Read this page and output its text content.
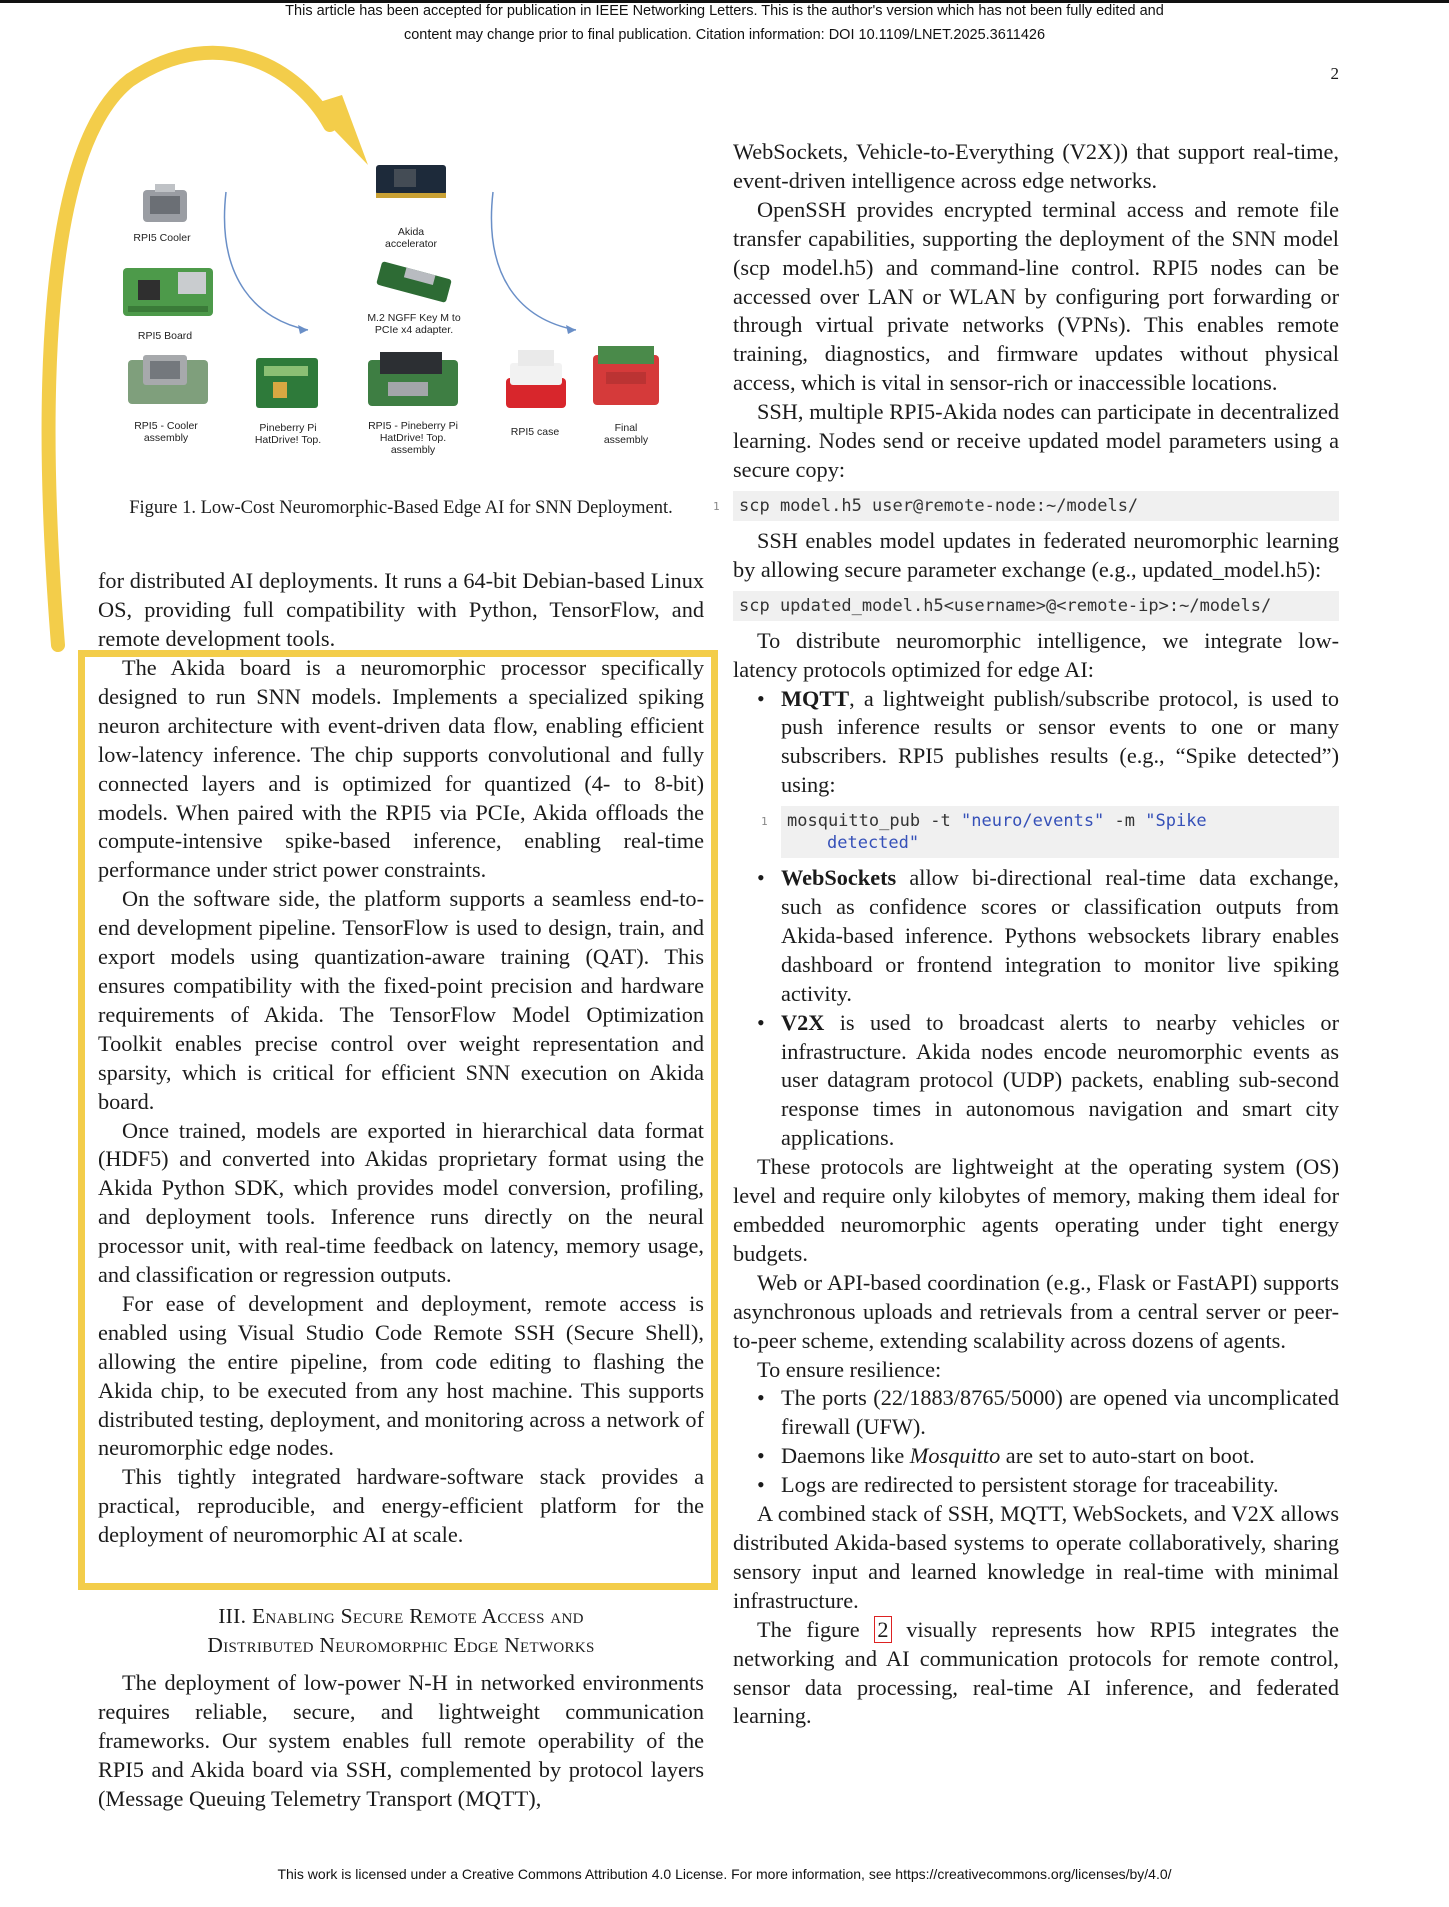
This article has been accepted for publication in IEEE Networking Letters. This is the author's version which has not been fully edited and
content may change prior to final publication. Citation information: DOI 10.1109/LNET.2025.3611426
2
RPI5 Cooler
RPI5 Board
RPI5 - Cooler assembly
Pineberry Pi HatDrive! Top.
Akida accelerator
M.2 NGFF Key M to PCIe x4 adapter.
RPI5 - Pineberry Pi HatDrive! Top. assembly
RPI5 case	Final assembly
Figure 1. Low-Cost Neuromorphic-Based Edge AI for SNN Deployment.

for distributed AI deployments. It runs a 64-bit Debian-based Linux OS, providing full compatibility with Python, TensorFlow, and remote development tools.

The Akida board is a neuromorphic processor specifically designed to run SNN models. Implements a specialized spiking neuron architecture with event-driven data flow, enabling efficient low-latency inference. The chip supports convolutional and fully connected layers and is optimized for quantized (4- to 8-bit) models. When paired with the RPI5 via PCIe, Akida offloads the compute-intensive spike-based inference, enabling real-time performance under strict power constraints.

On the software side, the platform supports a seamless end-to-end development pipeline. TensorFlow is used to design, train, and export models using quantization-aware training (QAT). This ensures compatibility with the fixed-point precision and hardware requirements of Akida. The TensorFlow Model Optimization Toolkit enables precise control over weight representation and sparsity, which is critical for efficient SNN execution on Akida board.

Once trained, models are exported in hierarchical data format (HDF5) and converted into Akidas proprietary format using the Akida Python SDK, which provides model conversion, profiling, and deployment tools. Inference runs directly on the neural processor unit, with real-time feedback on latency, memory usage, and classification or regression outputs.

For ease of development and deployment, remote access is enabled using Visual Studio Code Remote SSH (Secure Shell), allowing the entire pipeline, from code editing to flashing the Akida chip, to be executed from any host machine. This supports distributed testing, deployment, and monitoring across a network of neuromorphic edge nodes.

This tightly integrated hardware-software stack provides a practical, reproducible, and energy-efficient platform for the deployment of neuromorphic AI at scale.

III. Enabling Secure Remote Access and
Distributed Neuromorphic Edge Networks

The deployment of low-power N-H in networked environments requires reliable, secure, and lightweight communication frameworks. Our system enables full remote operability of the RPI5 and Akida board via SSH, complemented by protocol layers (Message Queuing Telemetry Transport (MQTT),

WebSockets, Vehicle-to-Everything (V2X)) that support real-time, event-driven intelligence across edge networks.

OpenSSH provides encrypted terminal access and remote file transfer capabilities, supporting the deployment of the SNN model (scp model.h5) and command-line control. RPI5 nodes can be accessed over LAN or WLAN by configuring port forwarding or through virtual private networks (VPNs). This enables remote training, diagnostics, and firmware updates without physical access, which is vital in sensor-rich or inaccessible locations.

SSH, multiple RPI5-Akida nodes can participate in decentralized learning. Nodes send or receive updated model parameters using a secure copy:

1 scp model.h5 user@remote-node:~/models/

SSH enables model updates in federated neuromorphic learning by allowing secure parameter exchange (e.g., updated_model.h5):

scp updated_model.h5<username>@<remote-ip>:~/models/

To distribute neuromorphic intelligence, we integrate low-latency protocols optimized for edge AI:

• MQTT, a lightweight publish/subscribe protocol, is used to push inference results or sensor events to one or many subscribers. RPI5 publishes results (e.g., “Spike detected”) using:
1 mosquitto_pub -t "neuro/events" -m "Spike
detected"
• WebSockets allow bi-directional real-time data exchange, such as confidence scores or classification outputs from Akida-based inference. Pythons websockets library enables dashboard or frontend integration to monitor live spiking activity.
• V2X is used to broadcast alerts to nearby vehicles or infrastructure. Akida nodes encode neuromorphic events as user datagram protocol (UDP) packets, enabling sub-second response times in autonomous navigation and smart city applications.

These protocols are lightweight at the operating system (OS) level and require only kilobytes of memory, making them ideal for embedded neuromorphic agents operating under tight energy budgets.

Web or API-based coordination (e.g., Flask or FastAPI) supports asynchronous uploads and retrievals from a central server or peer-to-peer scheme, extending scalability across dozens of agents.

To ensure resilience:

• The ports (22/1883/8765/5000) are opened via uncomplicated firewall (UFW).
• Daemons like Mosquitto are set to auto-start on boot.
• Logs are redirected to persistent storage for traceability.

A combined stack of SSH, MQTT, WebSockets, and V2X allows distributed Akida-based systems to operate collaboratively, sharing sensory input and learned knowledge in real-time with minimal infrastructure.

The figure 2 visually represents how RPI5 integrates the networking and AI communication protocols for remote control, sensor data processing, real-time AI inference, and federated learning.

This work is licensed under a Creative Commons Attribution 4.0 License. For more information, see https://creativecommons.org/licenses/by/4.0/
